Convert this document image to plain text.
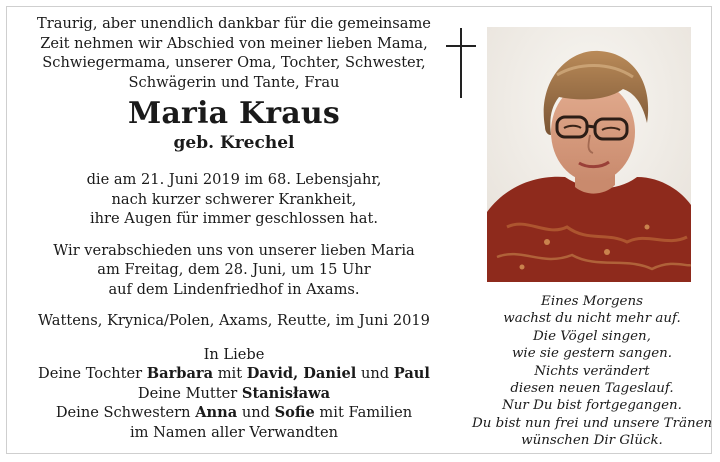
Traurig, aber unendlich dankbar für die gemeinsame
Zeit nehmen wir Abschied von meiner lieben Mama,
Schwiegermama, unserer Oma, Tochter, Schwester,
Schwägerin und Tante, Frau

Maria Kraus

geb. Krechel

die am 21. Juni 2019 im 68. Lebensjahr,
nach kurzer schwerer Krankheit,
ihre Augen für immer geschlossen hat.

Wir verabschieden uns von unserer lieben Maria
am Freitag, dem 28. Juni, um 15 Uhr
auf dem Lindenfriedhof in Axams.

Wattens, Krynica/Polen, Axams, Reutte, im Juni 2019

In Liebe
Deine Tochter Barbara mit David, Daniel und Paul
Deine Mutter Stanisława
Deine Schwestern Anna und Sofie mit Familien
im Namen aller Verwandten
Eines Morgens
wachst du nicht mehr auf.
Die Vögel singen,
wie sie gestern sangen.
Nichts verändert
diesen neuen Tageslauf.
Nur Du bist fortgegangen.
Du bist nun frei und unsere Tränen
wünschen Dir Glück.
